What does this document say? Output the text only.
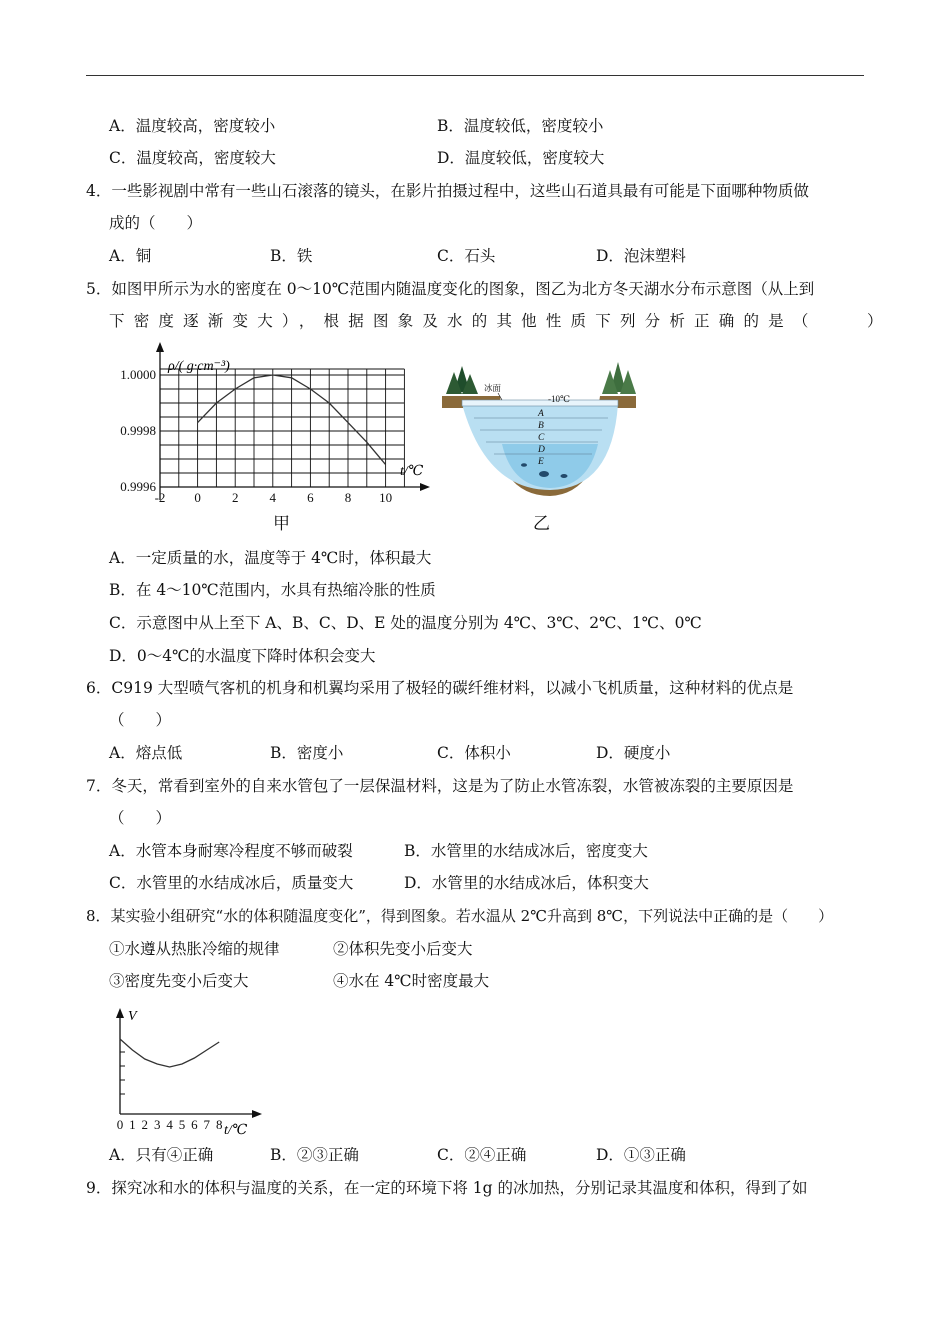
A．温度较高，密度较小	B．温度较低，密度较小
C．温度较高，密度较大	D．温度较低，密度较大
4．一些影视剧中常有一些山石滚落的镜头，在影片拍摄过程中，这些山石道具最有可能是下面哪种物质做
成的（　　）
A．铜	B．铁	C．石头	D．泡沫塑料
5．如图甲所示为水的密度在 0～10℃范围内随温度变化的图象，图乙为北方冬天湖水分布示意图（从上到
下密度逐渐变大），根据图象及水的其他性质下列分析正确的是（　　）
-2 0 2 4 6 8 10
0.9996
0.9998
1.0000
ρ/( g·cm⁻³)
t/℃
甲
冰面
-10℃
A
B
C
D
E
乙
A．一定质量的水，温度等于 4℃时，体积最大
B．在 4～10℃范围内，水具有热缩冷胀的性质
C．示意图中从上至下 A、B、C、D、E 处的温度分别为 4℃、3℃、2℃、1℃、0℃
D．0～4℃的水温度下降时体积会变大
6．C919 大型喷气客机的机身和机翼均采用了极轻的碳纤维材料，以减小飞机质量，这种材料的优点是
（　　）
A．熔点低	B．密度小	C．体积小	D．硬度小
7．冬天，常看到室外的自来水管包了一层保温材料，这是为了防止水管冻裂，水管被冻裂的主要原因是
（　　）
A．水管本身耐寒冷程度不够而破裂	B．水管里的水结成冰后，密度变大
C．水管里的水结成冰后，质量变大	D．水管里的水结成冰后，体积变大
8．某实验小组研究“水的体积随温度变化”，得到图象。若水温从 2℃升高到 8℃，下列说法中正确的是（　　）
①水遵从热胀冷缩的规律	②体积先变小后变大
③密度先变小后变大	④水在 4℃时密度最大
0 1 2 3 4 5 6 7 8
V
t/℃
A．只有④正确	B．②③正确	C．②④正确	D．①③正确
9．探究冰和水的体积与温度的关系，在一定的环境下将 1g 的冰加热，分别记录其温度和体积，得到了如
